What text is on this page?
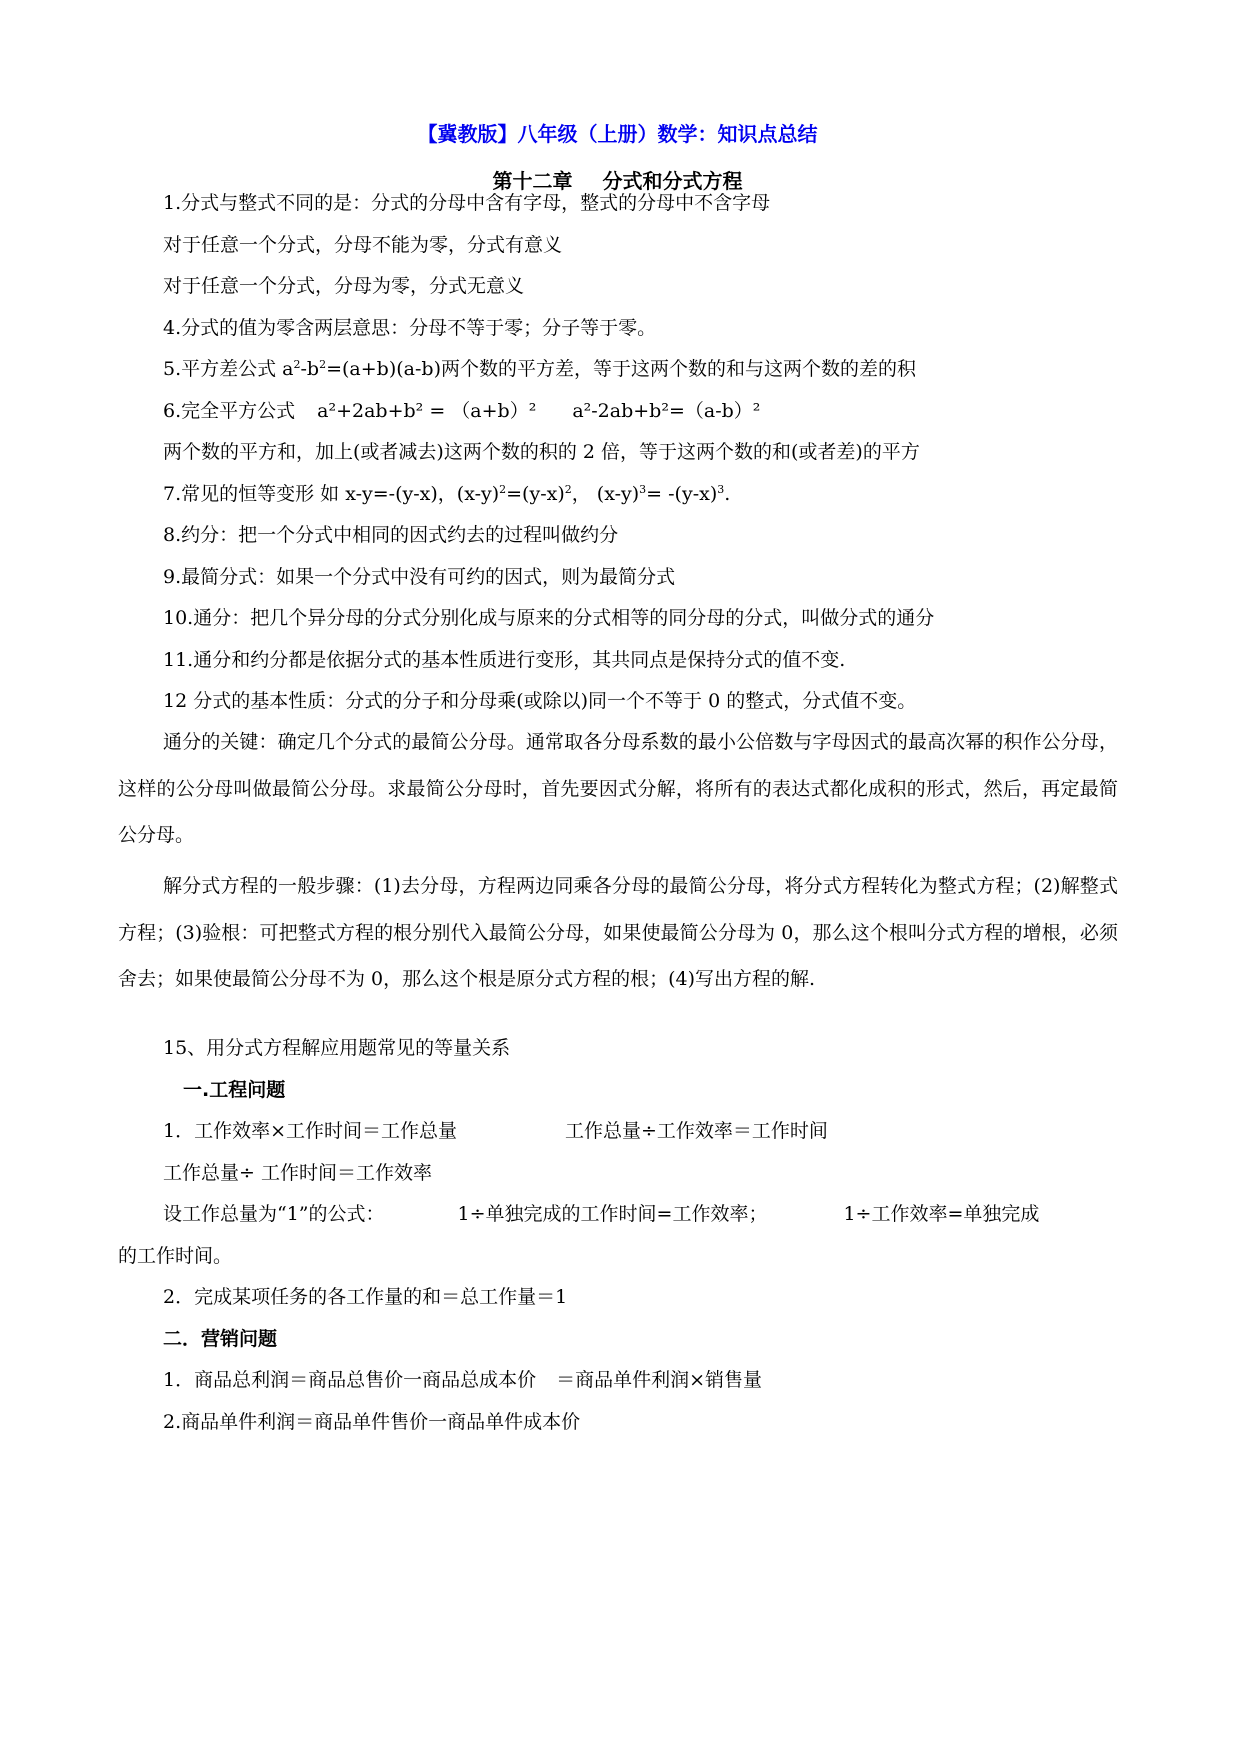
【冀教版】八年级（上册）数学：知识点总结
第十二章 分式和分式方程
1.分式与整式不同的是：分式的分母中含有字母，整式的分母中不含字母
对于任意一个分式，分母不能为零，分式有意义
对于任意一个分式，分母为零，分式无意义
4.分式的值为零含两层意思：分母不等于零；分子等于零。
5.平方差公式 $a^2-b^2=(a+b)(a-b)$两个数的平方差，等于这两个数的和与这两个数的差的积
6.完全平方公式 a²+2ab+b² = （a+b）² a²-2ab+b²=（a-b）²
两个数的平方和，加上(或者减去)这两个数的积的 2 倍，等于这两个数的和(或者差)的平方
7.常见的恒等变形 如 x-y=-(y-x)，$(x-y)^2=(y-x)^2$， $(x-y)^3= -(y-x)^3$.
8.约分：把一个分式中相同的因式约去的过程叫做约分
9.最简分式：如果一个分式中没有可约的因式，则为最简分式
10.通分：把几个异分母的分式分别化成与原来的分式相等的同分母的分式，叫做分式的通分
11.通分和约分都是依据分式的基本性质进行变形，其共同点是保持分式的值不变.
12 分式的基本性质：分式的分子和分母乘(或除以)同一个不等于 0 的整式，分式值不变。
通分的关键：确定几个分式的最简公分母。通常取各分母系数的最小公倍数与字母因式的最高次幂的积作公分母，这样的公分母叫做最简公分母。求最简公分母时，首先要因式分解，将所有的表达式都化成积的形式，然后，再定最简公分母。
解分式方程的一般步骤：(1)去分母，方程两边同乘各分母的最简公分母，将分式方程转化为整式方程；(2)解整式方程；(3)验根：可把整式方程的根分别代入最简公分母，如果使最简公分母为 0，那么这个根叫分式方程的增根，必须舍去；如果使最简公分母不为 0，那么这个根是原分式方程的根；(4)写出方程的解.
15、用分式方程解应用题常见的等量关系
一.工程问题
1．工作效率×工作时间＝工作总量	工作总量÷工作效率＝工作时间
工作总量÷ 工作时间＝工作效率
设工作总量为“1”的公式：	1÷单独完成的工作时间=工作效率；	1÷工作效率=单独完成
的工作时间。
2．完成某项任务的各工作量的和＝总工作量＝1
二．营销问题
1．商品总利润＝商品总售价一商品总成本价 ＝商品单件利润×销售量
2.商品单件利润＝商品单件售价一商品单件成本价
